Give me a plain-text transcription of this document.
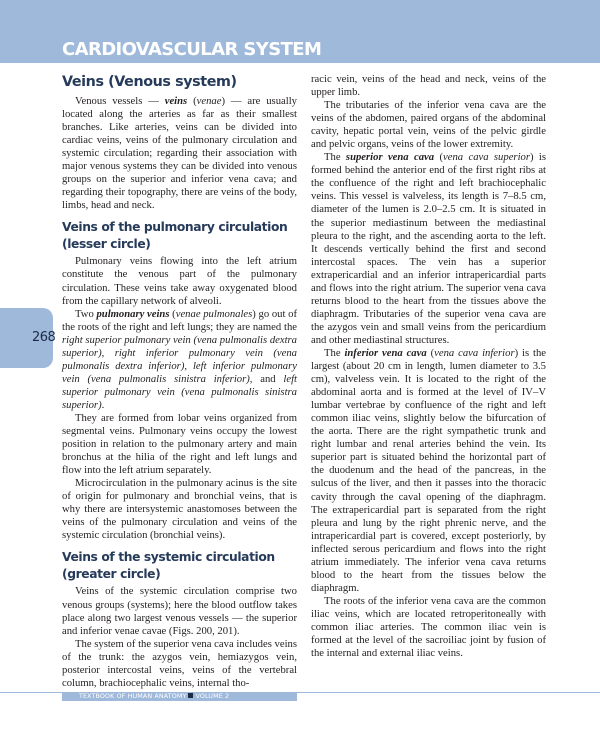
CARDIOVASCULAR SYSTEM
268
Veins (Venous system)

Venous vessels — veins (venae) — are usually located along the arteries as far as their smallest branches. Like arteries, veins can be divided into cardiac veins, veins of the pulmonary circulation and systemic circulation; regarding their association with major venous systems they can be divided into venous groups on the superior and inferior vena cava; and regarding their topography, there are veins of the body, limbs, head and neck.

Veins of the pulmonary circulation (lesser circle)

Pulmonary veins flowing into the left atrium constitute the venous part of the pulmonary circulation. These veins take away oxygenated blood from the capillary network of alveoli.

Two pulmonary veins (venae pulmonales) go out of the roots of the right and left lungs; they are named the right superior pulmonary vein (vena pulmonalis dextra superior), right inferior pulmonary vein (vena pulmonalis dextra inferior), left inferior pulmonary vein (vena pulmonalis sinistra inferior), and left superior pulmonary vein (vena pulmonalis sinistra superior).

They are formed from lobar veins organized from segmental veins. Pulmonary veins occupy the lowest position in relation to the pulmonary artery and main bronchus at the hilia of the right and left lungs and flow into the left atrium separately.

Microcirculation in the pulmonary acinus is the site of origin for pulmonary and bronchial veins, that is why there are intersystemic anastomoses between the veins of the pulmonary circulation and veins of the systemic circulation (bronchial veins).

Veins of the systemic circulation (greater circle)

Veins of the systemic circulation comprise two venous groups (systems); here the blood outflow takes place along two largest venous vessels — the superior and inferior venae cavae (Figs. 200, 201).

The system of the superior vena cava includes veins of the trunk: the azygos vein, hemiazygos vein, posterior intercostal veins, veins of the vertebral column, brachiocephalic veins, internal tho-

racic vein, veins of the head and neck, veins of the upper limb.

The tributaries of the inferior vena cava are the veins of the abdomen, paired organs of the abdominal cavity, hepatic portal vein, veins of the pelvic girdle and pelvic organs, veins of the lower extremity.

The superior vena cava (vena cava superior) is formed behind the anterior end of the first right ribs at the confluence of the right and left brachiocephalic veins. This vessel is valveless, its length is 7–8.5 cm, diameter of the lumen is 2.0–2.5 cm. It is situated in the superior mediastinum between the mediastinal pleura to the right, and the ascending aorta to the left. It descends vertically behind the first and second intercostal spaces. The vein has a superior extrapericardial and an inferior intrapericardial parts and flows into the right atrium. The superior vena cava returns blood to the heart from the tissues above the diaphragm. Tributaries of the superior vena cava are the azygos vein and small veins from the pericardium and other mediastinal structures.

The inferior vena cava (vena cava inferior) is the largest (about 20 cm in length, lumen diameter to 3.5 cm), valveless vein. It is located to the right of the abdominal aorta and is formed at the level of IV–V lumbar vertebrae by confluence of the right and left common iliac veins, slightly below the bifurcation of the aorta. There are the right sympathetic trunk and right lumbar and renal arteries behind the vein. Its superior part is situated behind the horizontal part of the duodenum and the head of the pancreas, in the sulcus of the liver, and then it passes into the thoracic cavity through the caval opening of the diaphragm. The extrapericardial part is separated from the right pleura and lung by the right phrenic nerve, and the intrapericardial part is covered, except posteriorly, by inflected serous pericardium and flows into the right atrium immediately. The inferior vena cava returns blood to the heart from the tissues below the diaphragm.

The roots of the inferior vena cava are the common iliac veins, which are located retroperitoneally with common iliac arteries. The common iliac vein is formed at the level of the sacroiliac joint by fusion of the internal and external iliac veins.

TEXTBOOK OF HUMAN ANATOMY VOLUME 2
